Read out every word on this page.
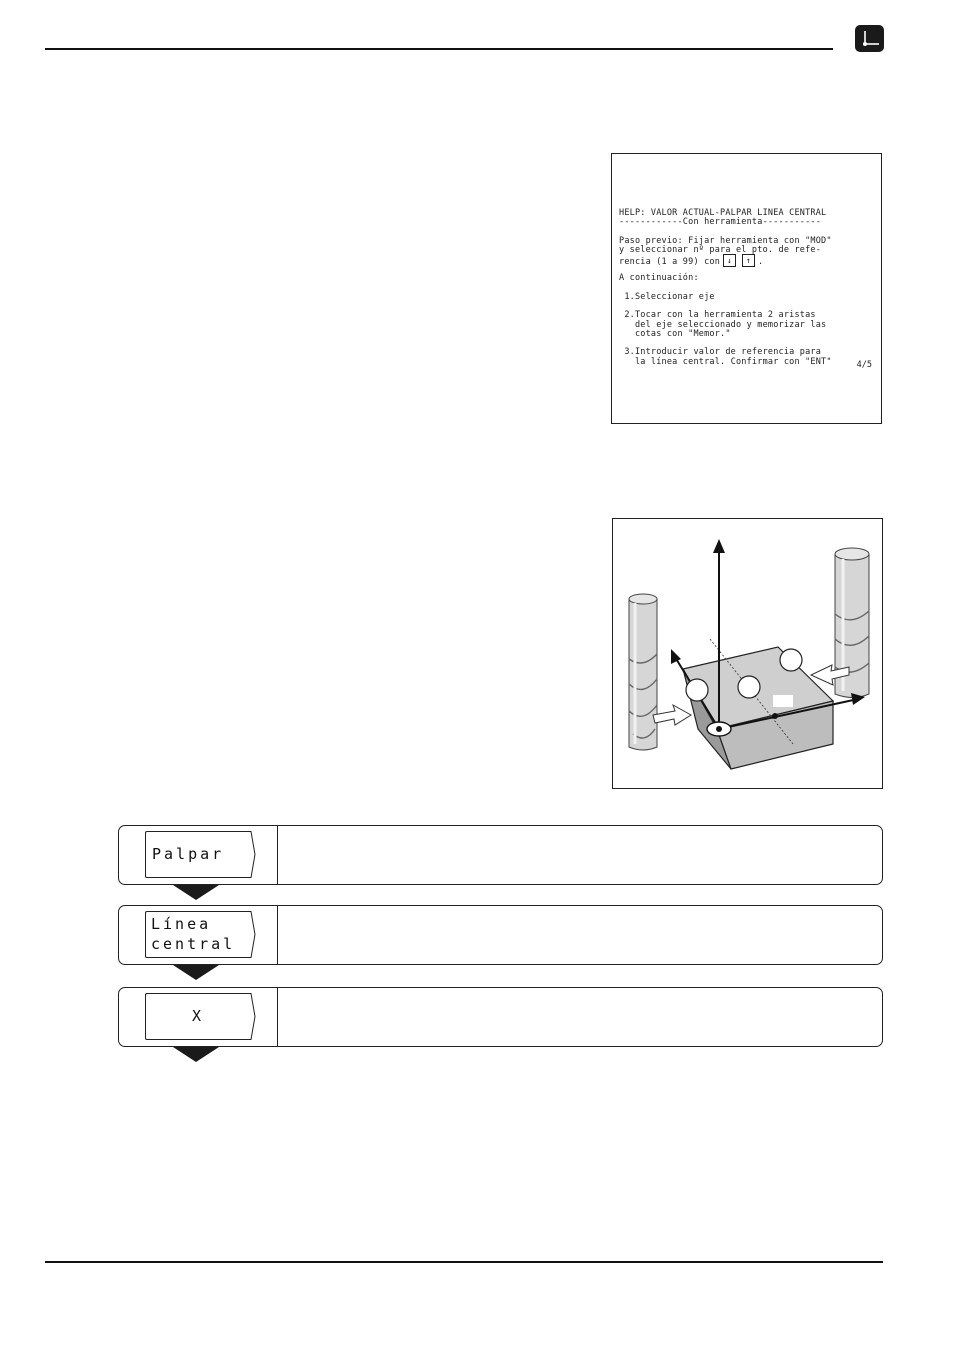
HELP: VALOR ACTUAL-PALPAR LINEA CENTRAL
------------Con herramienta-----------
Paso previo: Fijar herramienta con "MOD"
y seleccionar nº para el pto. de refe-
rencia (1 a 99) con ↓ ↑ .
A continuación:
1.Seleccionar eje
2.Tocar con la herramienta 2 aristas
del eje seleccionado y memorizar las
cotas con "Memor."
3.Introducir valor de referencia para
la línea central. Confirmar con "ENT"	4/5
Palpar
Línea
central
X
